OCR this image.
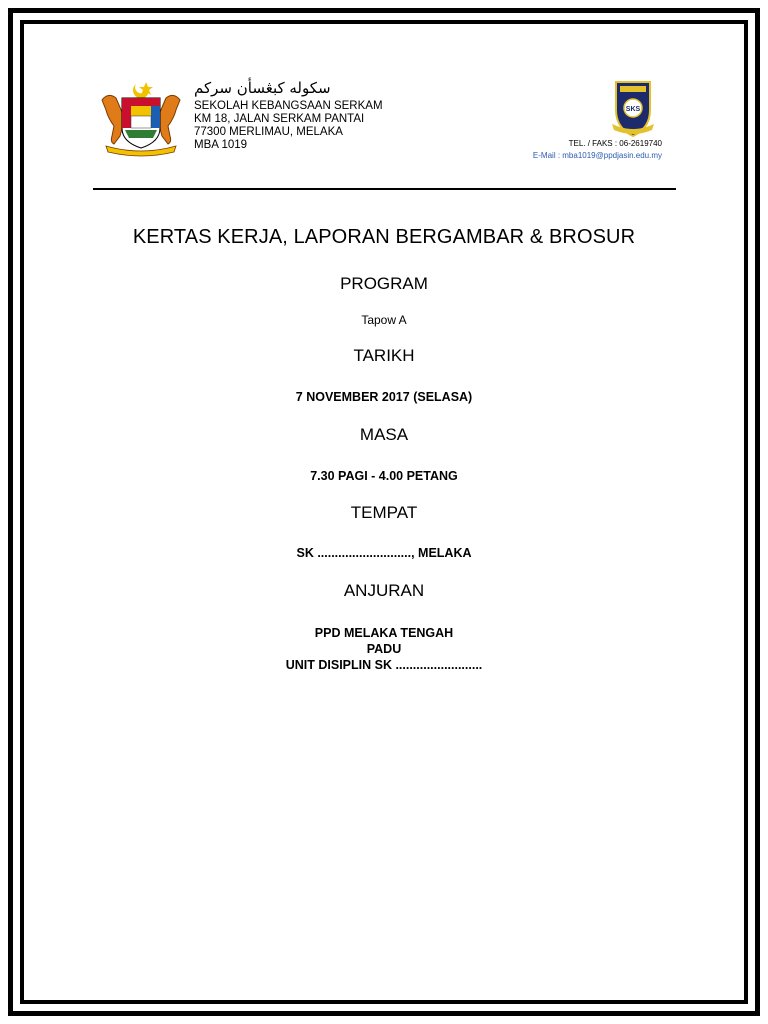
سکوله کبڠسأن سرکم
SEKOLAH KEBANGSAAN SERKAM
KM 18, JALAN SERKAM PANTAI
77300 MERLIMAU, MELAKA
MBA 1019
SKS
TEL. / FAKS : 06-2619740
E-Mail : mba1019@ppdjasin.edu.my
KERTAS KERJA, LAPORAN BERGAMBAR & BROSUR
PROGRAM
Tapow A
TARIKH
7 NOVEMBER 2017 (SELASA)
MASA
7.30 PAGI - 4.00 PETANG
TEMPAT
SK ..........................., MELAKA
ANJURAN
PPD MELAKA TENGAH
PADU
UNIT DISIPLIN SK .........................
